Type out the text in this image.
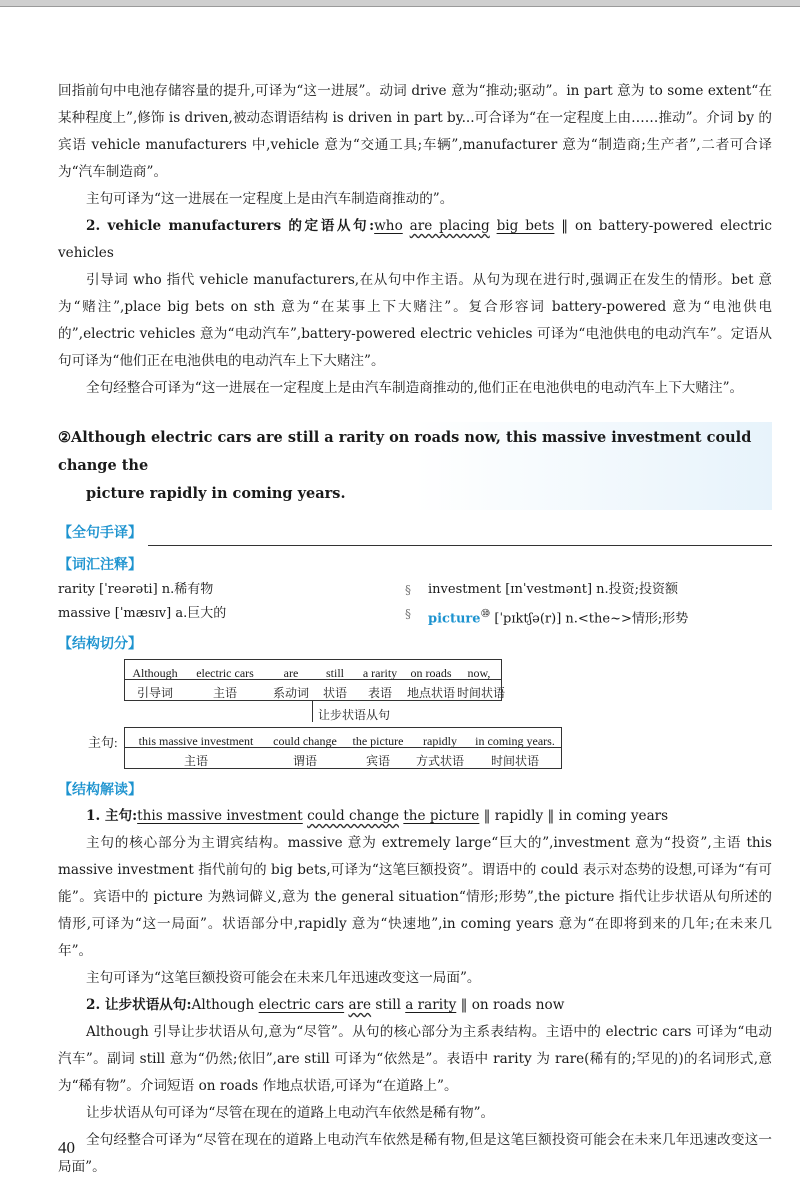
回指前句中电池存储容量的提升,可译为“这一进展”。动词 drive 意为“推动;驱动”。in part 意为 to some extent“在某种程度上”,修饰 is driven,被动态谓语结构 is driven in part by...可合译为“在一定程度上由……推动”。介词 by 的宾语 vehicle manufacturers 中,vehicle 意为“交通工具;车辆”,manufacturer 意为“制造商;生产者”,二者可合译为“汽车制造商”。

主句可译为“这一进展在一定程度上是由汽车制造商推动的”。

2. vehicle manufacturers 的定语从句:who are placing big bets ‖ on battery-powered electric vehicles

引导词 who 指代 vehicle manufacturers,在从句中作主语。从句为现在进行时,强调正在发生的情形。bet 意为“赌注”,place big bets on sth 意为“在某事上下大赌注”。复合形容词 battery-powered 意为“电池供电的”,electric vehicles 意为“电动汽车”,battery-powered electric vehicles 可译为“电池供电的电动汽车”。定语从句可译为“他们正在电池供电的电动汽车上下大赌注”。

全句经整合可译为“这一进展在一定程度上是由汽车制造商推动的,他们正在电池供电的电动汽车上下大赌注”。

②Although electric cars are still a rarity on roads now, this massive investment could change the
picture rapidly in coming years.
【全句手译】
【词汇注释】
rarity [ˈreərəti] n.稀有物	§	investment [ɪnˈvestmənt] n.投资;投资额
massive [ˈmæsɪv] a.巨大的	§	picture⑩ [ˈpɪktʃə(r)] n.<the~>情形;形势
【结构切分】
Although	electric cars	are	still	a rarity	on roads	now,
引导词	主语	系动词	状语	表语	地点状语 时间状语
让步状语从句
主句:	this massive investment	could change	the picture	rapidly	in coming years.
主语	谓语	宾语	方式状语	时间状语
【结构解读】

1. 主句:this massive investment could change the picture ‖ rapidly ‖ in coming years

主句的核心部分为主谓宾结构。massive 意为 extremely large“巨大的”,investment 意为“投资”,主语 this massive investment 指代前句的 big bets,可译为“这笔巨额投资”。谓语中的 could 表示对态势的设想,可译为“有可能”。宾语中的 picture 为熟词僻义,意为 the general situation“情形;形势”,the picture 指代让步状语从句所述的情形,可译为“这一局面”。状语部分中,rapidly 意为“快速地”,in coming years 意为“在即将到来的几年;在未来几年”。

主句可译为“这笔巨额投资可能会在未来几年迅速改变这一局面”。

2. 让步状语从句:Although electric cars are still a rarity ‖ on roads now

Although 引导让步状语从句,意为“尽管”。从句的核心部分为主系表结构。主语中的 electric cars 可译为“电动汽车”。副词 still 意为“仍然;依旧”,are still 可译为“依然是”。表语中 rarity 为 rare(稀有的;罕见的)的名词形式,意为“稀有物”。介词短语 on roads 作地点状语,可译为“在道路上”。

让步状语从句可译为“尽管在现在的道路上电动汽车依然是稀有物”。

全句经整合可译为“尽管在现在的道路上电动汽车依然是稀有物,但是这笔巨额投资可能会在未来几年迅速改变这一局面”。

40
